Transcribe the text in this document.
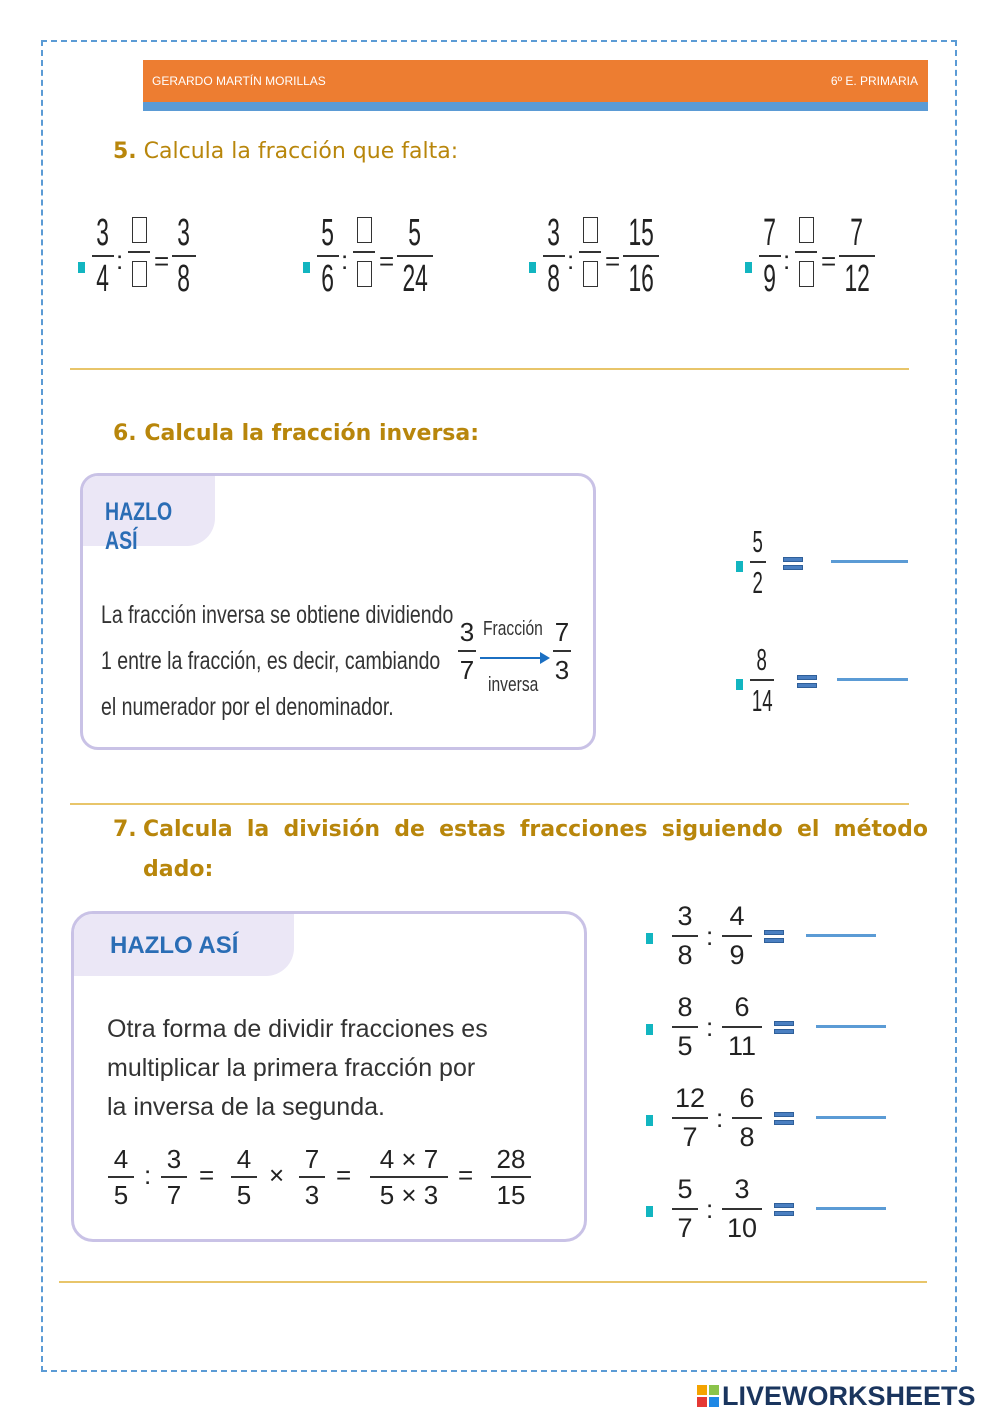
GERARDO MARTÍN MORILLAS	6º E. PRIMARIA
5. Calcula la fracción que falta:
3
4 : =
3
8
5
6 : =
5
24
3
8 : =
15
16
7
9 : =
7
12
6. Calcula la fracción inversa:
HAZLO ASÍ
La fracción inversa se obtiene dividiendo
1 entre la fracción, es decir, cambiando
el numerador por el denominador.
3
7
Fracción
inversa
7
3
5
2
8
14
7. Calcula la división de estas fracciones siguiendo el método
dado:
HAZLO ASÍ
Otra forma de dividir fracciones es
multiplicar la primera fracción por
la inversa de la segunda.
4
5
:
3
7
=
4
5
×
7
3
=
4 × 7
5 × 3
=
28
15
3
8
:
4
9
8
5
:
6
11
12
7
:
6
8
5
7
:
3
10
LIVEWORKSHEETS
